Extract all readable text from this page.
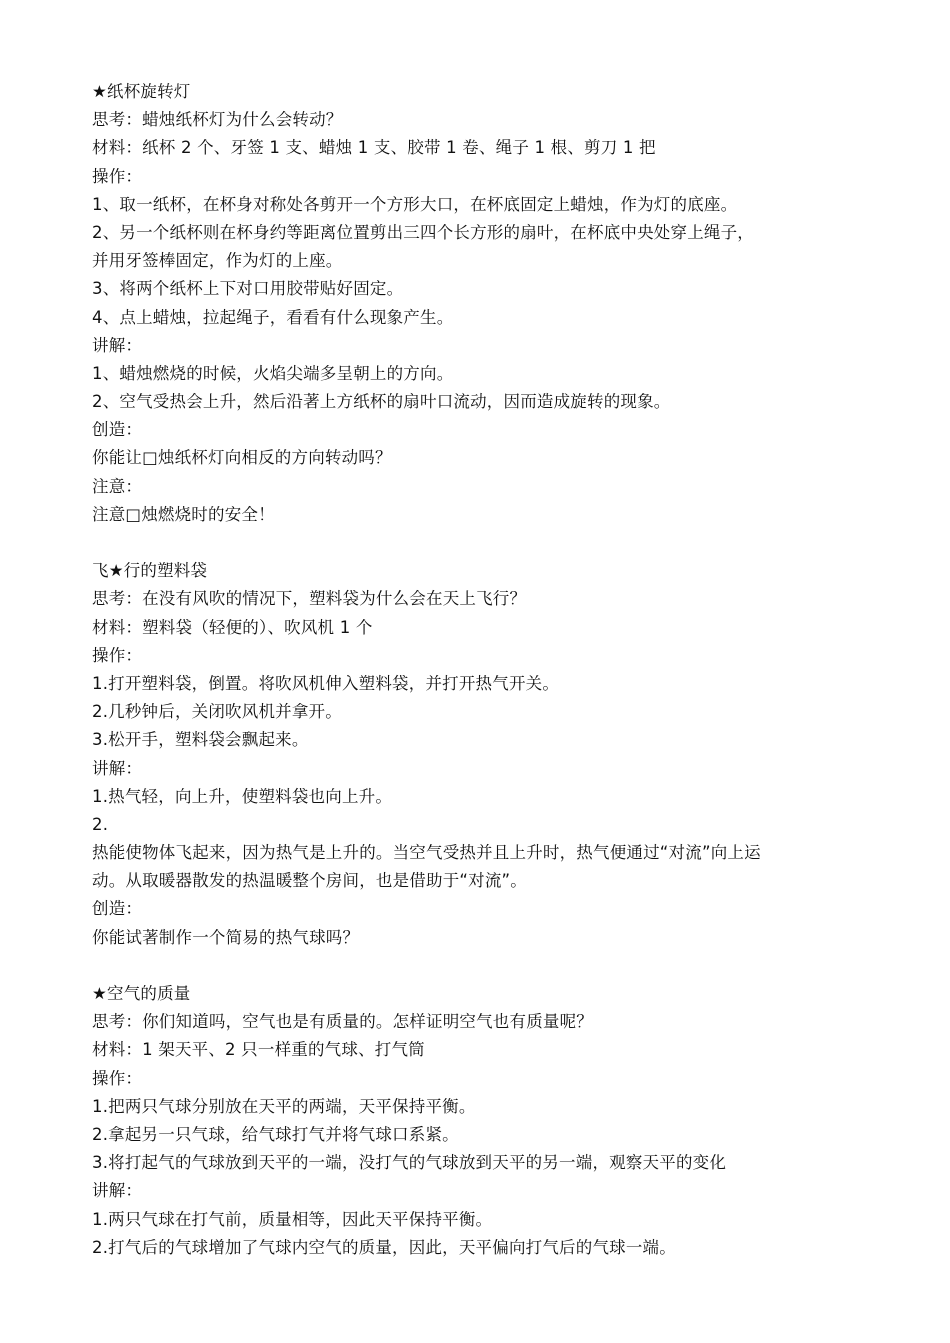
★纸杯旋转灯
思考：蜡烛纸杯灯为什么会转动？
材料：纸杯 2 个、牙签 1 支、蜡烛 1 支、胶带 1 卷、绳子 1 根、剪刀 1 把
操作：
1、取一纸杯，在杯身对称处各剪开一个方形大口，在杯底固定上蜡烛，作为灯的底座。
2、另一个纸杯则在杯身约等距离位置剪出三四个长方形的扇叶，在杯底中央处穿上绳子，
并用牙签棒固定，作为灯的上座。
3、将两个纸杯上下对口用胶带贴好固定。
4、点上蜡烛，拉起绳子，看看有什么现象产生。
讲解：
1、蜡烛燃烧的时候，火焰尖端多呈朝上的方向。
2、空气受热会上升，然后沿著上方纸杯的扇叶口流动，因而造成旋转的现象。
创造：
你能让□烛纸杯灯向相反的方向转动吗？
注意：
注意□烛燃烧时的安全！
飞★行的塑料袋
思考：在没有风吹的情况下，塑料袋为什么会在天上飞行？
材料：塑料袋（轻便的）、吹风机 1 个
操作：
1.打开塑料袋，倒置。将吹风机伸入塑料袋，并打开热气开关。
2.几秒钟后，关闭吹风机并拿开。
3.松开手，塑料袋会飘起来。
讲解：
1.热气轻，向上升，使塑料袋也向上升。
2.
热能使物体飞起来，因为热气是上升的。当空气受热并且上升时，热气便通过“对流”向上运
动。从取暖器散发的热温暖整个房间，也是借助于“对流”。
创造：
你能试著制作一个简易的热气球吗？
★空气的质量
思考：你们知道吗，空气也是有质量的。怎样证明空气也有质量呢？
材料：1 架天平、2 只一样重的气球、打气筒
操作：
1.把两只气球分别放在天平的两端，天平保持平衡。
2.拿起另一只气球，给气球打气并将气球口系紧。
3.将打起气的气球放到天平的一端，没打气的气球放到天平的另一端，观察天平的变化
讲解：
1.两只气球在打气前，质量相等，因此天平保持平衡。
2.打气后的气球增加了气球内空气的质量，因此，天平偏向打气后的气球一端。
